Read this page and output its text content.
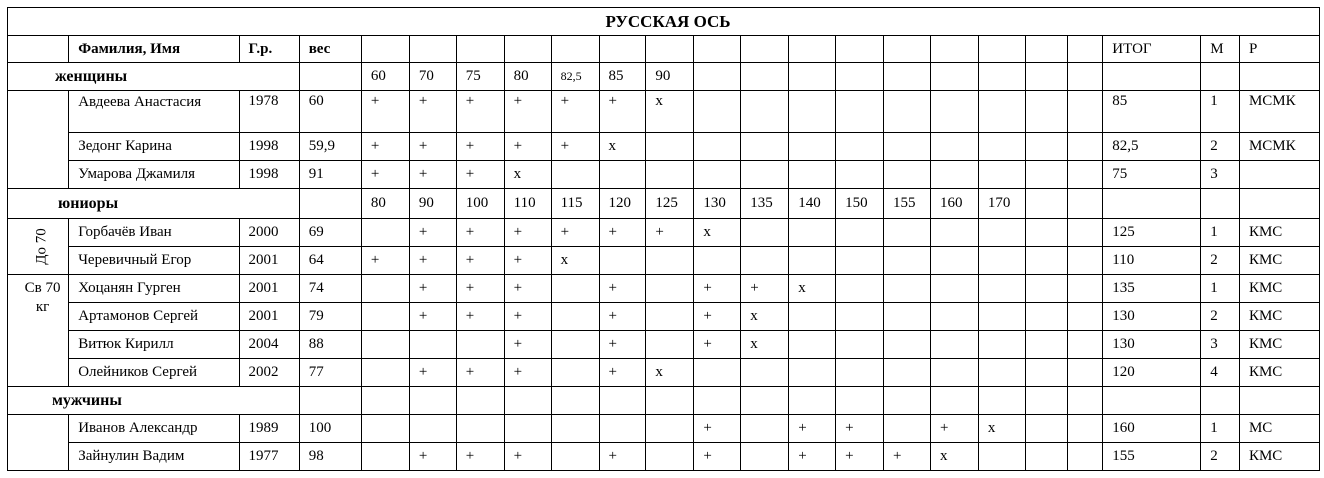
РУССКАЯ ОСЬ																						
	Фамилия, Имя	Г.р.	вес																	ИТОГ	М	Р
женщины				60	70	75	80	82,5	85	90												
	Авдеева Анастасия	1978	60	+	+	+	+	+	+	х										85	1	МСМК
	Зедонг Карина	1998	59,9	+	+	+	+	+	х											82,5	2	МСМК
	Умарова Джамиля	1998	91	+	+	+	х													75	3	
юниоры				80	90	100	110	115	120	125	130	135	140	150	155	160	170					
До 70	Горбачёв Иван	2000	69		+	+	+	+	+	+	х									125	1	КМС
	Черевичный Егор	2001	64	+	+	+	+	х												110	2	КМС

Св 70 кг	Хоцанян Гурген	2001	74		+	+	+		+		+	+	х							135	1	КМС
	Артамонов Сергей	2001	79		+	+	+		+		+	х								130	2	КМС
	Витюк Кирилл	2004	88				+		+		+	х								130	3	КМС
	Олейников Сергей	2002	77		+	+	+		+	х										120	4	КМС
мужчины																						
	Иванов Александр	1989	100								+		+	+		+	х			160	1	МС
	Зайнулин Вадим	1977	98		+	+	+		+		+		+	+	+	х				155	2	КМС
